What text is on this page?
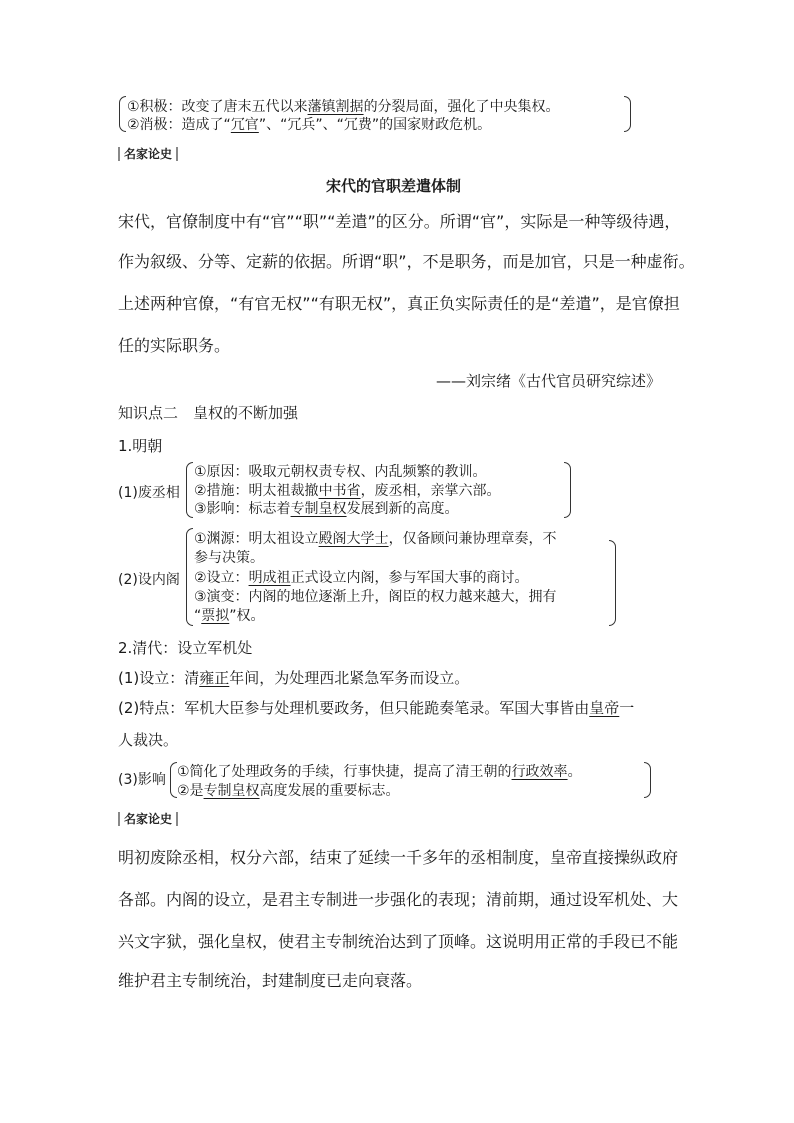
①积极：改变了唐末五代以来藩镇割据的分裂局面，强化了中央集权。
②消极：造成了“冗官”、“冗兵”、“冗费”的国家财政危机。
名家论史
宋代的官职差遣体制
宋代，官僚制度中有“官”“职”“差遣”的区分。所谓“官”，实际是一种等级待遇，
作为叙级、分等、定薪的依据。所谓“职”，不是职务，而是加官，只是一种虚衔。
上述两种官僚，“有官无权”“有职无权”，真正负实际责任的是“差遣”，是官僚担
任的实际职务。
——刘宗绪《古代官员研究综述》
知识点二　皇权的不断加强
1.明朝
(1)废丞相
①原因：吸取元朝权责专权、内乱频繁的教训。
②措施：明太祖裁撤中书省，废丞相，亲掌六部。
③影响：标志着专制皇权发展到新的高度。
(2)设内阁
①渊源：明太祖设立殿阁大学士，仅备顾问兼协理章奏，不
参与决策。
②设立：明成祖正式设立内阁，参与军国大事的商讨。
③演变：内阁的地位逐渐上升，阁臣的权力越来越大，拥有
“票拟”权。
2.清代：设立军机处
(1)设立：清雍正年间，为处理西北紧急军务而设立。
(2)特点：军机大臣参与处理机要政务，但只能跪奏笔录。军国大事皆由皇帝一
人裁决。
(3)影响 ①简化了处理政务的手续，行事快捷，提高了清王朝的行政效率。
②是专制皇权高度发展的重要标志。
名家论史
明初废除丞相，权分六部，结束了延续一千多年的丞相制度，皇帝直接操纵政府
各部。内阁的设立，是君主专制进一步强化的表现；清前期，通过设军机处、大
兴文字狱，强化皇权，使君主专制统治达到了顶峰。这说明用正常的手段已不能
维护君主专制统治，封建制度已走向衰落。
